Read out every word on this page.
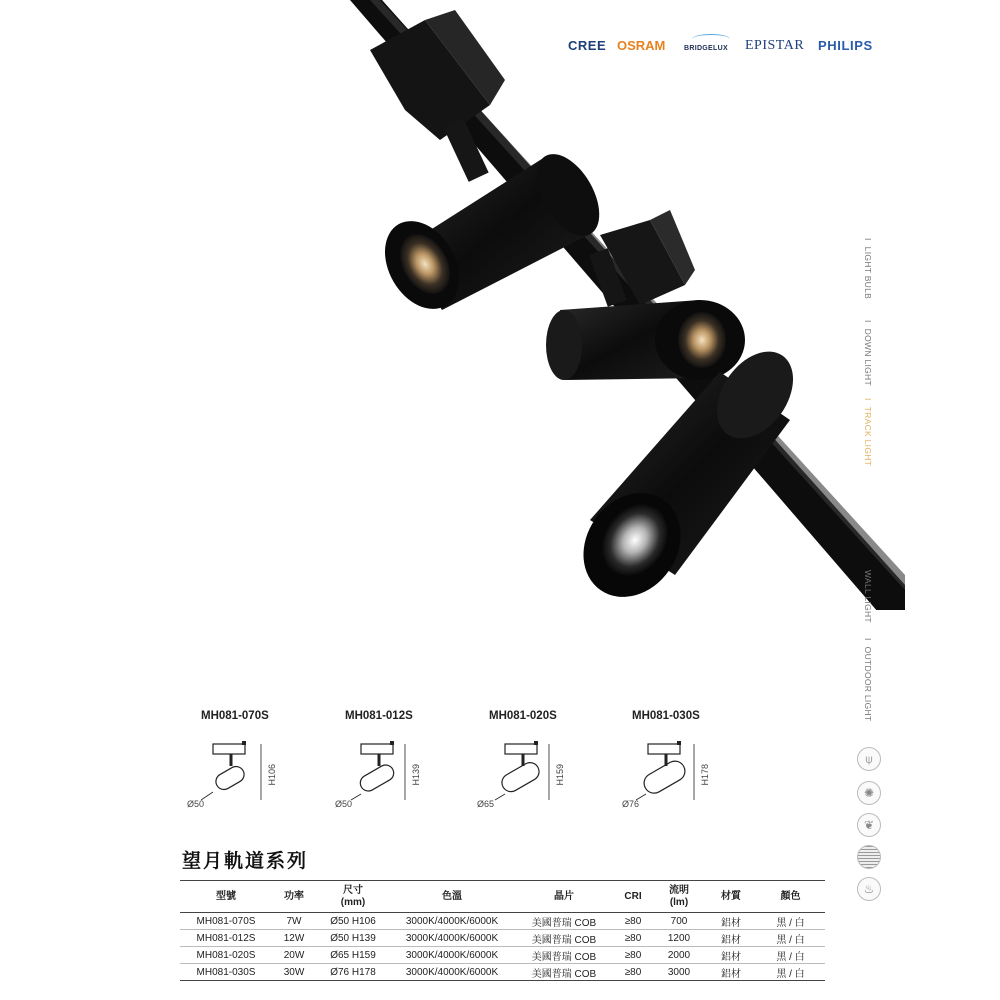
CREE OSRAM	BRIDGELUX EPISTAR PHILIPS
ILIGHT BULB
IDOWN LIGHT
ITRACK LIGHT
WALL LIGHT
IOUTDOOR LIGHT
⍦
✺
❦
♨
MH081-070S
Ø50
H106
MH081-012S
Ø50
H139
MH081-020S
Ø65
H159
MH081-030S
Ø76
H178
望月軌道系列
型號	功率	尺寸
(mm)	色溫	晶片	CRI	流明
(lm)	材質	顏色
MH081-070S	7W	Ø50 H106	3000K/4000K/6000K	美國普瑞 COB	≥80	700	鋁材	黑 / 白
MH081-012S	12W	Ø50 H139	3000K/4000K/6000K	美國普瑞 COB	≥80	1200	鋁材	黑 / 白
MH081-020S	20W	Ø65 H159	3000K/4000K/6000K	美國普瑞 COB	≥80	2000	鋁材	黑 / 白
MH081-030S	30W	Ø76 H178	3000K/4000K/6000K	美國普瑞 COB	≥80	3000	鋁材	黑 / 白
